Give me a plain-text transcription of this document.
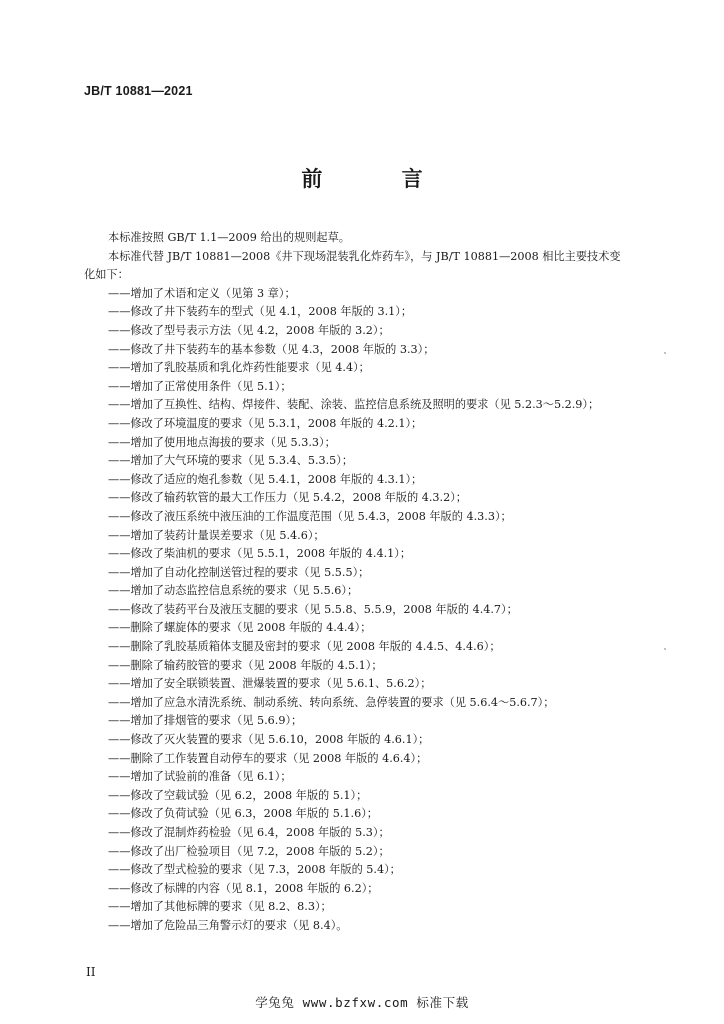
JB/T 10881—2021
前 言

本标准按照 GB/T 1.1—2009 给出的规则起草。

本标准代替 JB/T 10881—2008《井下现场混装乳化炸药车》，与 JB/T 10881—2008 相比主要技术变
化如下：

——增加了术语和定义（见第 3 章）；
——修改了井下装药车的型式（见 4.1，2008 年版的 3.1）；
——修改了型号表示方法（见 4.2，2008 年版的 3.2）；
——修改了井下装药车的基本参数（见 4.3，2008 年版的 3.3）；
——增加了乳胶基质和乳化炸药性能要求（见 4.4）；
——增加了正常使用条件（见 5.1）；
——增加了互换性、结构、焊接件、装配、涂装、监控信息系统及照明的要求（见 5.2.3～5.2.9）；
——修改了环境温度的要求（见 5.3.1，2008 年版的 4.2.1）；
——增加了使用地点海拔的要求（见 5.3.3）；
——增加了大气环境的要求（见 5.3.4、5.3.5）；
——修改了适应的炮孔参数（见 5.4.1，2008 年版的 4.3.1）；
——修改了输药软管的最大工作压力（见 5.4.2，2008 年版的 4.3.2）；
——修改了液压系统中液压油的工作温度范围（见 5.4.3，2008 年版的 4.3.3）；
——增加了装药计量误差要求（见 5.4.6）；
——修改了柴油机的要求（见 5.5.1，2008 年版的 4.4.1）；
——增加了自动化控制送管过程的要求（见 5.5.5）；
——增加了动态监控信息系统的要求（见 5.5.6）；
——修改了装药平台及液压支腿的要求（见 5.5.8、5.5.9，2008 年版的 4.4.7）；
——删除了螺旋体的要求（见 2008 年版的 4.4.4）；
——删除了乳胶基质箱体支腿及密封的要求（见 2008 年版的 4.4.5、4.4.6）；
——删除了输药胶管的要求（见 2008 年版的 4.5.1）；
——增加了安全联锁装置、泄爆装置的要求（见 5.6.1、5.6.2）；
——增加了应急水清洗系统、制动系统、转向系统、急停装置的要求（见 5.6.4～5.6.7）；
——增加了排烟管的要求（见 5.6.9）；
——修改了灭火装置的要求（见 5.6.10，2008 年版的 4.6.1）；
——删除了工作装置自动停车的要求（见 2008 年版的 4.6.4）；
——增加了试验前的准备（见 6.1）；
——修改了空载试验（见 6.2，2008 年版的 5.1）；
——修改了负荷试验（见 6.3，2008 年版的 5.1.6）；
——修改了混制炸药检验（见 6.4，2008 年版的 5.3）；
——修改了出厂检验项目（见 7.2，2008 年版的 5.2）；
——修改了型式检验的要求（见 7.3，2008 年版的 5.4）；
——修改了标牌的内容（见 8.1，2008 年版的 6.2）；
——增加了其他标牌的要求（见 8.2、8.3）；
——增加了危险品三角警示灯的要求（见 8.4）。
II
学兔兔 www.bzfxw.com 标准下载
